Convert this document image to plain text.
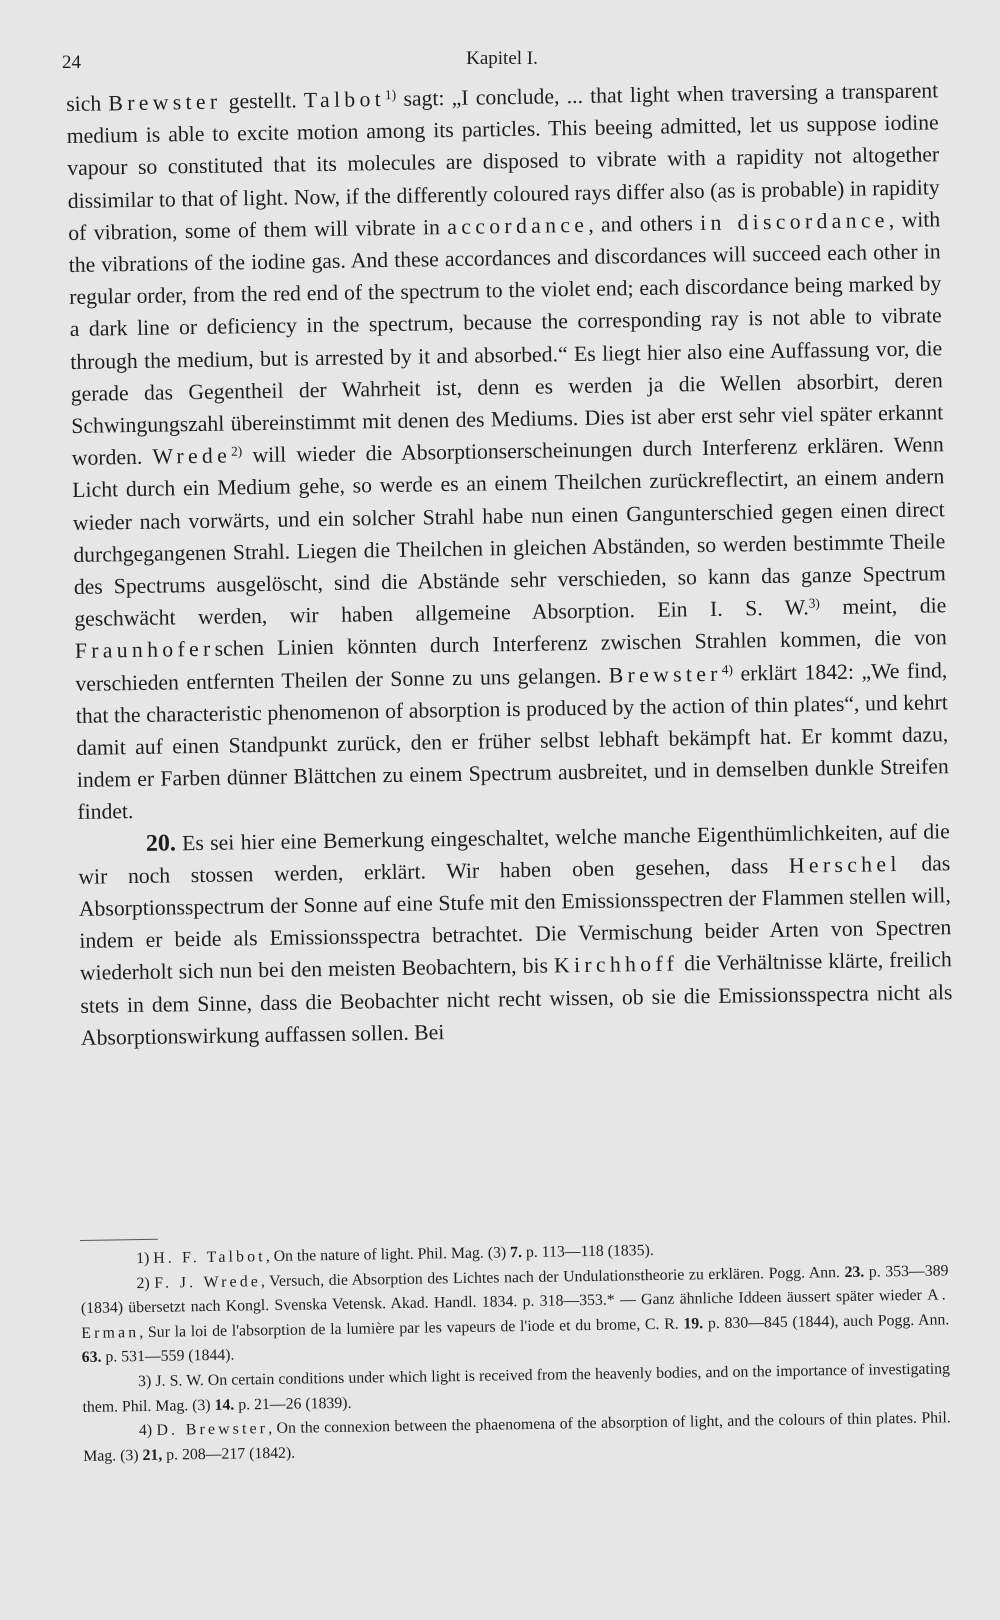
24	Kapitel I.

sich Brewster gestellt. Talbot$^{1)}$ sagt: „I conclude, ... that light when traversing a transparent medium is able to excite motion among its particles. This beeing admitted, let us suppose iodine vapour so constituted that its molecules are disposed to vibrate with a rapidity not altogether dissimilar to that of light. Now, if the differently coloured rays differ also (as is probable) in rapidity of vibration, some of them will vibrate in accordance, and others in discordance, with the vibrations of the iodine gas. And these accordances and discordances will succeed each other in regular order, from the red end of the spectrum to the violet end; each discordance being marked by a dark line or deficiency in the spectrum, because the corresponding ray is not able to vibrate through the medium, but is arrested by it and absorbed.“ Es liegt hier also eine Auffassung vor, die gerade das Gegentheil der Wahrheit ist, denn es werden ja die Wellen absorbirt, deren Schwingungszahl übereinstimmt mit denen des Mediums. Dies ist aber erst sehr viel später erkannt worden. Wrede$^{2)}$ will wieder die Absorptionserscheinungen durch Interferenz erklären. Wenn Licht durch ein Medium gehe, so werde es an einem Theilchen zurückreflectirt, an einem andern wieder nach vorwärts, und ein solcher Strahl habe nun einen Gangunterschied gegen einen direct durchgegangenen Strahl. Liegen die Theilchen in gleichen Abständen, so werden bestimmte Theile des Spectrums ausgelöscht, sind die Abstände sehr verschieden, so kann das ganze Spectrum geschwächt werden, wir haben allgemeine Absorption. Ein I. S. W.$^{3)}$ meint, die Fraunhoferschen Linien könnten durch Interferenz zwischen Strahlen kommen, die von verschieden entfernten Theilen der Sonne zu uns gelangen. Brewster$^{4)}$ erklärt 1842: „We find, that the characteristic phenomenon of absorption is produced by the action of thin plates“, und kehrt damit auf einen Standpunkt zurück, den er früher selbst lebhaft bekämpft hat. Er kommt dazu, indem er Farben dünner Blättchen zu einem Spectrum ausbreitet, und in demselben dunkle Streifen findet.

20. Es sei hier eine Bemerkung eingeschaltet, welche manche Eigenthümlichkeiten, auf die wir noch stossen werden, erklärt. Wir haben oben gesehen, dass Herschel das Absorptionsspectrum der Sonne auf eine Stufe mit den Emissionsspectren der Flammen stellen will, indem er beide als Emissionsspectra betrachtet. Die Vermischung beider Arten von Spectren wiederholt sich nun bei den meisten Beobachtern, bis Kirchhoff die Verhältnisse klärte, freilich stets in dem Sinne, dass die Beobachter nicht recht wissen, ob sie die Emissionsspectra nicht als Absorptionswirkung auffassen sollen. Bei

1) H. F. Talbot, On the nature of light. Phil. Mag. (3) 7. p. 113—118 (1835).

2) F. J. Wrede, Versuch, die Absorption des Lichtes nach der Undulationstheorie zu erklären. Pogg. Ann. 23. p. 353—389 (1834) übersetzt nach Kongl. Svenska Vetensk. Akad. Handl. 1834. p. 318—353.* — Ganz ähnliche Iddeen äussert später wieder A. Erman, Sur la loi de l'absorption de la lumière par les vapeurs de l'iode et du brome, C. R. 19. p. 830—845 (1844), auch Pogg. Ann. 63. p. 531—559 (1844).

3) J. S. W. On certain conditions under which light is received from the heavenly bodies, and on the importance of investigating them. Phil. Mag. (3) 14. p. 21—26 (1839).

4) D. Brewster, On the connexion between the phaenomena of the absorption of light, and the colours of thin plates. Phil. Mag. (3) 21, p. 208—217 (1842).
